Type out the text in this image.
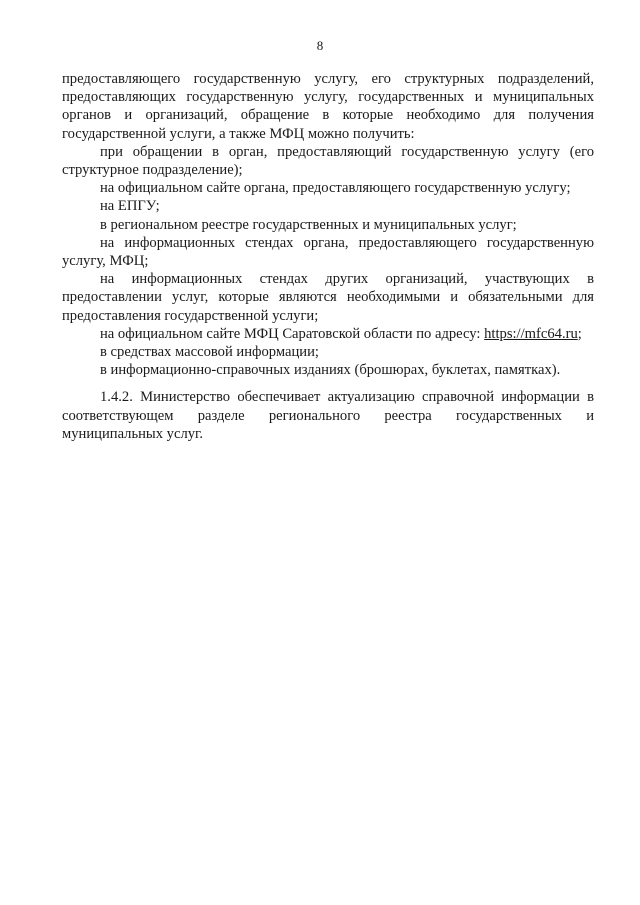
8

предоставляющего государственную услугу, его структурных подразделений, предоставляющих государственную услугу, государственных и муниципальных органов и организаций, обращение в которые необходимо для получения государственной услуги, а также МФЦ можно получить:

при обращении в орган, предоставляющий государственную услугу (его структурное подразделение);

на официальном сайте органа, предоставляющего государственную услугу;

на ЕПГУ;

в региональном реестре государственных и муниципальных услуг;

на информационных стендах органа, предоставляющего государственную услугу, МФЦ;

на информационных стендах других организаций, участвующих в предоставлении услуг, которые являются необходимыми и обязательными для предоставления государственной услуги;

на официальном сайте МФЦ Саратовской области по адресу: https://mfc64.ru;

в средствах массовой информации;

в информационно-справочных изданиях (брошюрах, буклетах, памятках).

1.4.2. Министерство обеспечивает актуализацию справочной информации в соответствующем разделе регионального реестра государственных и муниципальных услуг.
